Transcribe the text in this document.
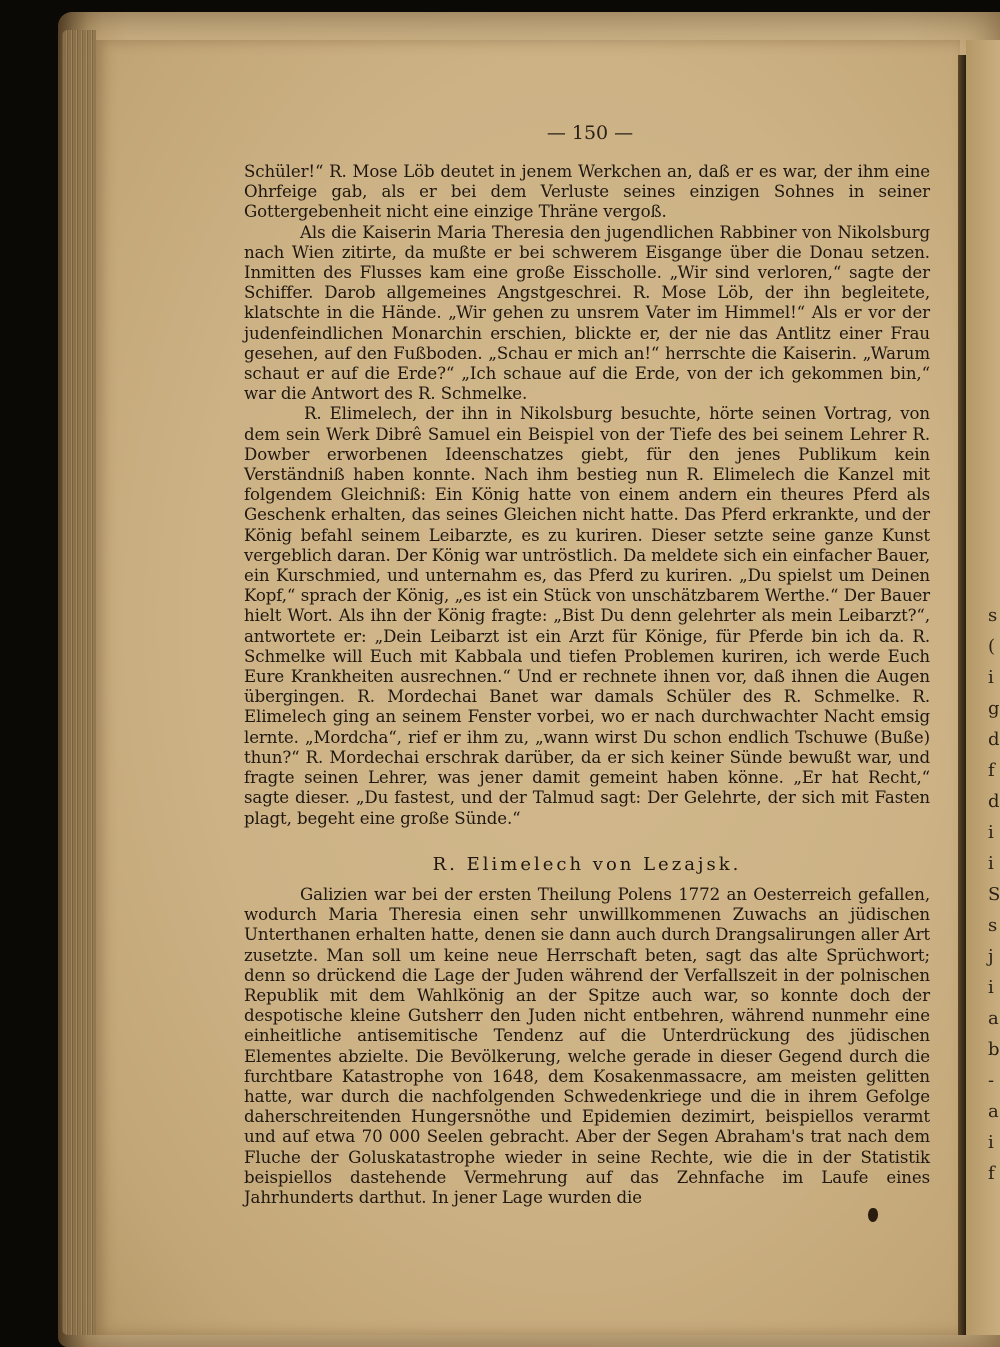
s
(
i
g
d
f
d
i
i
S
s
j
i
a
b
-a
i
f
— 150 —

Schüler!“ R. Mose Löb deutet in jenem Werkchen an, daß er es war, der ihm eine Ohrfeige gab, als er bei dem Verluste seines einzigen Sohnes in seiner Gottergebenheit nicht eine einzige Thräne vergoß.

Als die Kaiserin Maria Theresia den jugendlichen Rabbiner von Nikolsburg nach Wien zitirte, da mußte er bei schwerem Eisgange über die Donau setzen. Inmitten des Flusses kam eine große Eisscholle. „Wir sind verloren,“ sagte der Schiffer. Darob allgemeines Angstgeschrei. R. Mose Löb, der ihn begleitete, klatschte in die Hände. „Wir gehen zu unsrem Vater im Himmel!“ Als er vor der judenfeindlichen Monarchin erschien, blickte er, der nie das Antlitz einer Frau gesehen, auf den Fußboden. „Schau er mich an!“ herrschte die Kaiserin. „Warum schaut er auf die Erde?“ „Ich schaue auf die Erde, von der ich gekommen bin,“ war die Antwort des R. Schmelke.

R. Elimelech, der ihn in Nikolsburg besuchte, hörte seinen Vortrag, von dem sein Werk Dibrê Samuel ein Beispiel von der Tiefe des bei seinem Lehrer R. Dowber erworbenen Ideenschatzes giebt, für den jenes Publikum kein Verständniß haben konnte. Nach ihm bestieg nun R. Elimelech die Kanzel mit folgendem Gleichniß: Ein König hatte von einem andern ein theures Pferd als Geschenk erhalten, das seines Gleichen nicht hatte. Das Pferd erkrankte, und der König befahl seinem Leibarzte, es zu kuriren. Dieser setzte seine ganze Kunst vergeblich daran. Der König war untröstlich. Da meldete sich ein einfacher Bauer, ein Kurschmied, und unternahm es, das Pferd zu kuriren. „Du spielst um Deinen Kopf,“ sprach der König, „es ist ein Stück von unschätzbarem Werthe.“ Der Bauer hielt Wort. Als ihn der König fragte: „Bist Du denn gelehrter als mein Leibarzt?“, antwortete er: „Dein Leibarzt ist ein Arzt für Könige, für Pferde bin ich da. R. Schmelke will Euch mit Kabbala und tiefen Problemen kuriren, ich werde Euch Eure Krankheiten ausrechnen.“ Und er rechnete ihnen vor, daß ihnen die Augen übergingen. R. Mordechai Banet war damals Schüler des R. Schmelke. R. Elimelech ging an seinem Fenster vorbei, wo er nach durchwachter Nacht emsig lernte. „Mordcha“, rief er ihm zu, „wann wirst Du schon endlich Tschuwe (Buße) thun?“ R. Mordechai erschrak darüber, da er sich keiner Sünde bewußt war, und fragte seinen Lehrer, was jener damit gemeint haben könne. „Er hat Recht,“ sagte dieser. „Du fastest, und der Talmud sagt: Der Gelehrte, der sich mit Fasten plagt, begeht eine große Sünde.“

R. Elimelech von Lezajsk.

Galizien war bei der ersten Theilung Polens 1772 an Oesterreich gefallen, wodurch Maria Theresia einen sehr unwillkommenen Zuwachs an jüdischen Unterthanen erhalten hatte, denen sie dann auch durch Drangsalirungen aller Art zusetzte. Man soll um keine neue Herrschaft beten, sagt das alte Sprüchwort; denn so drückend die Lage der Juden während der Verfallszeit in der polnischen Republik mit dem Wahlkönig an der Spitze auch war, so konnte doch der despotische kleine Gutsherr den Juden nicht entbehren, während nunmehr eine einheitliche antisemitische Tendenz auf die Unterdrückung des jüdischen Elementes abzielte. Die Bevölkerung, welche gerade in dieser Gegend durch die furchtbare Katastrophe von 1648, dem Kosakenmassacre, am meisten gelitten hatte, war durch die nachfolgenden Schwedenkriege und die in ihrem Gefolge daherschreitenden Hungersnöthe und Epidemien dezimirt, beispiellos verarmt und auf etwa 70 000 Seelen gebracht. Aber der Segen Abraham's trat nach dem Fluche der Goluskatastrophe wieder in seine Rechte, wie die in der Statistik beispiellos dastehende Vermehrung auf das Zehnfache im Laufe eines Jahrhunderts darthut. In jener Lage wurden die
